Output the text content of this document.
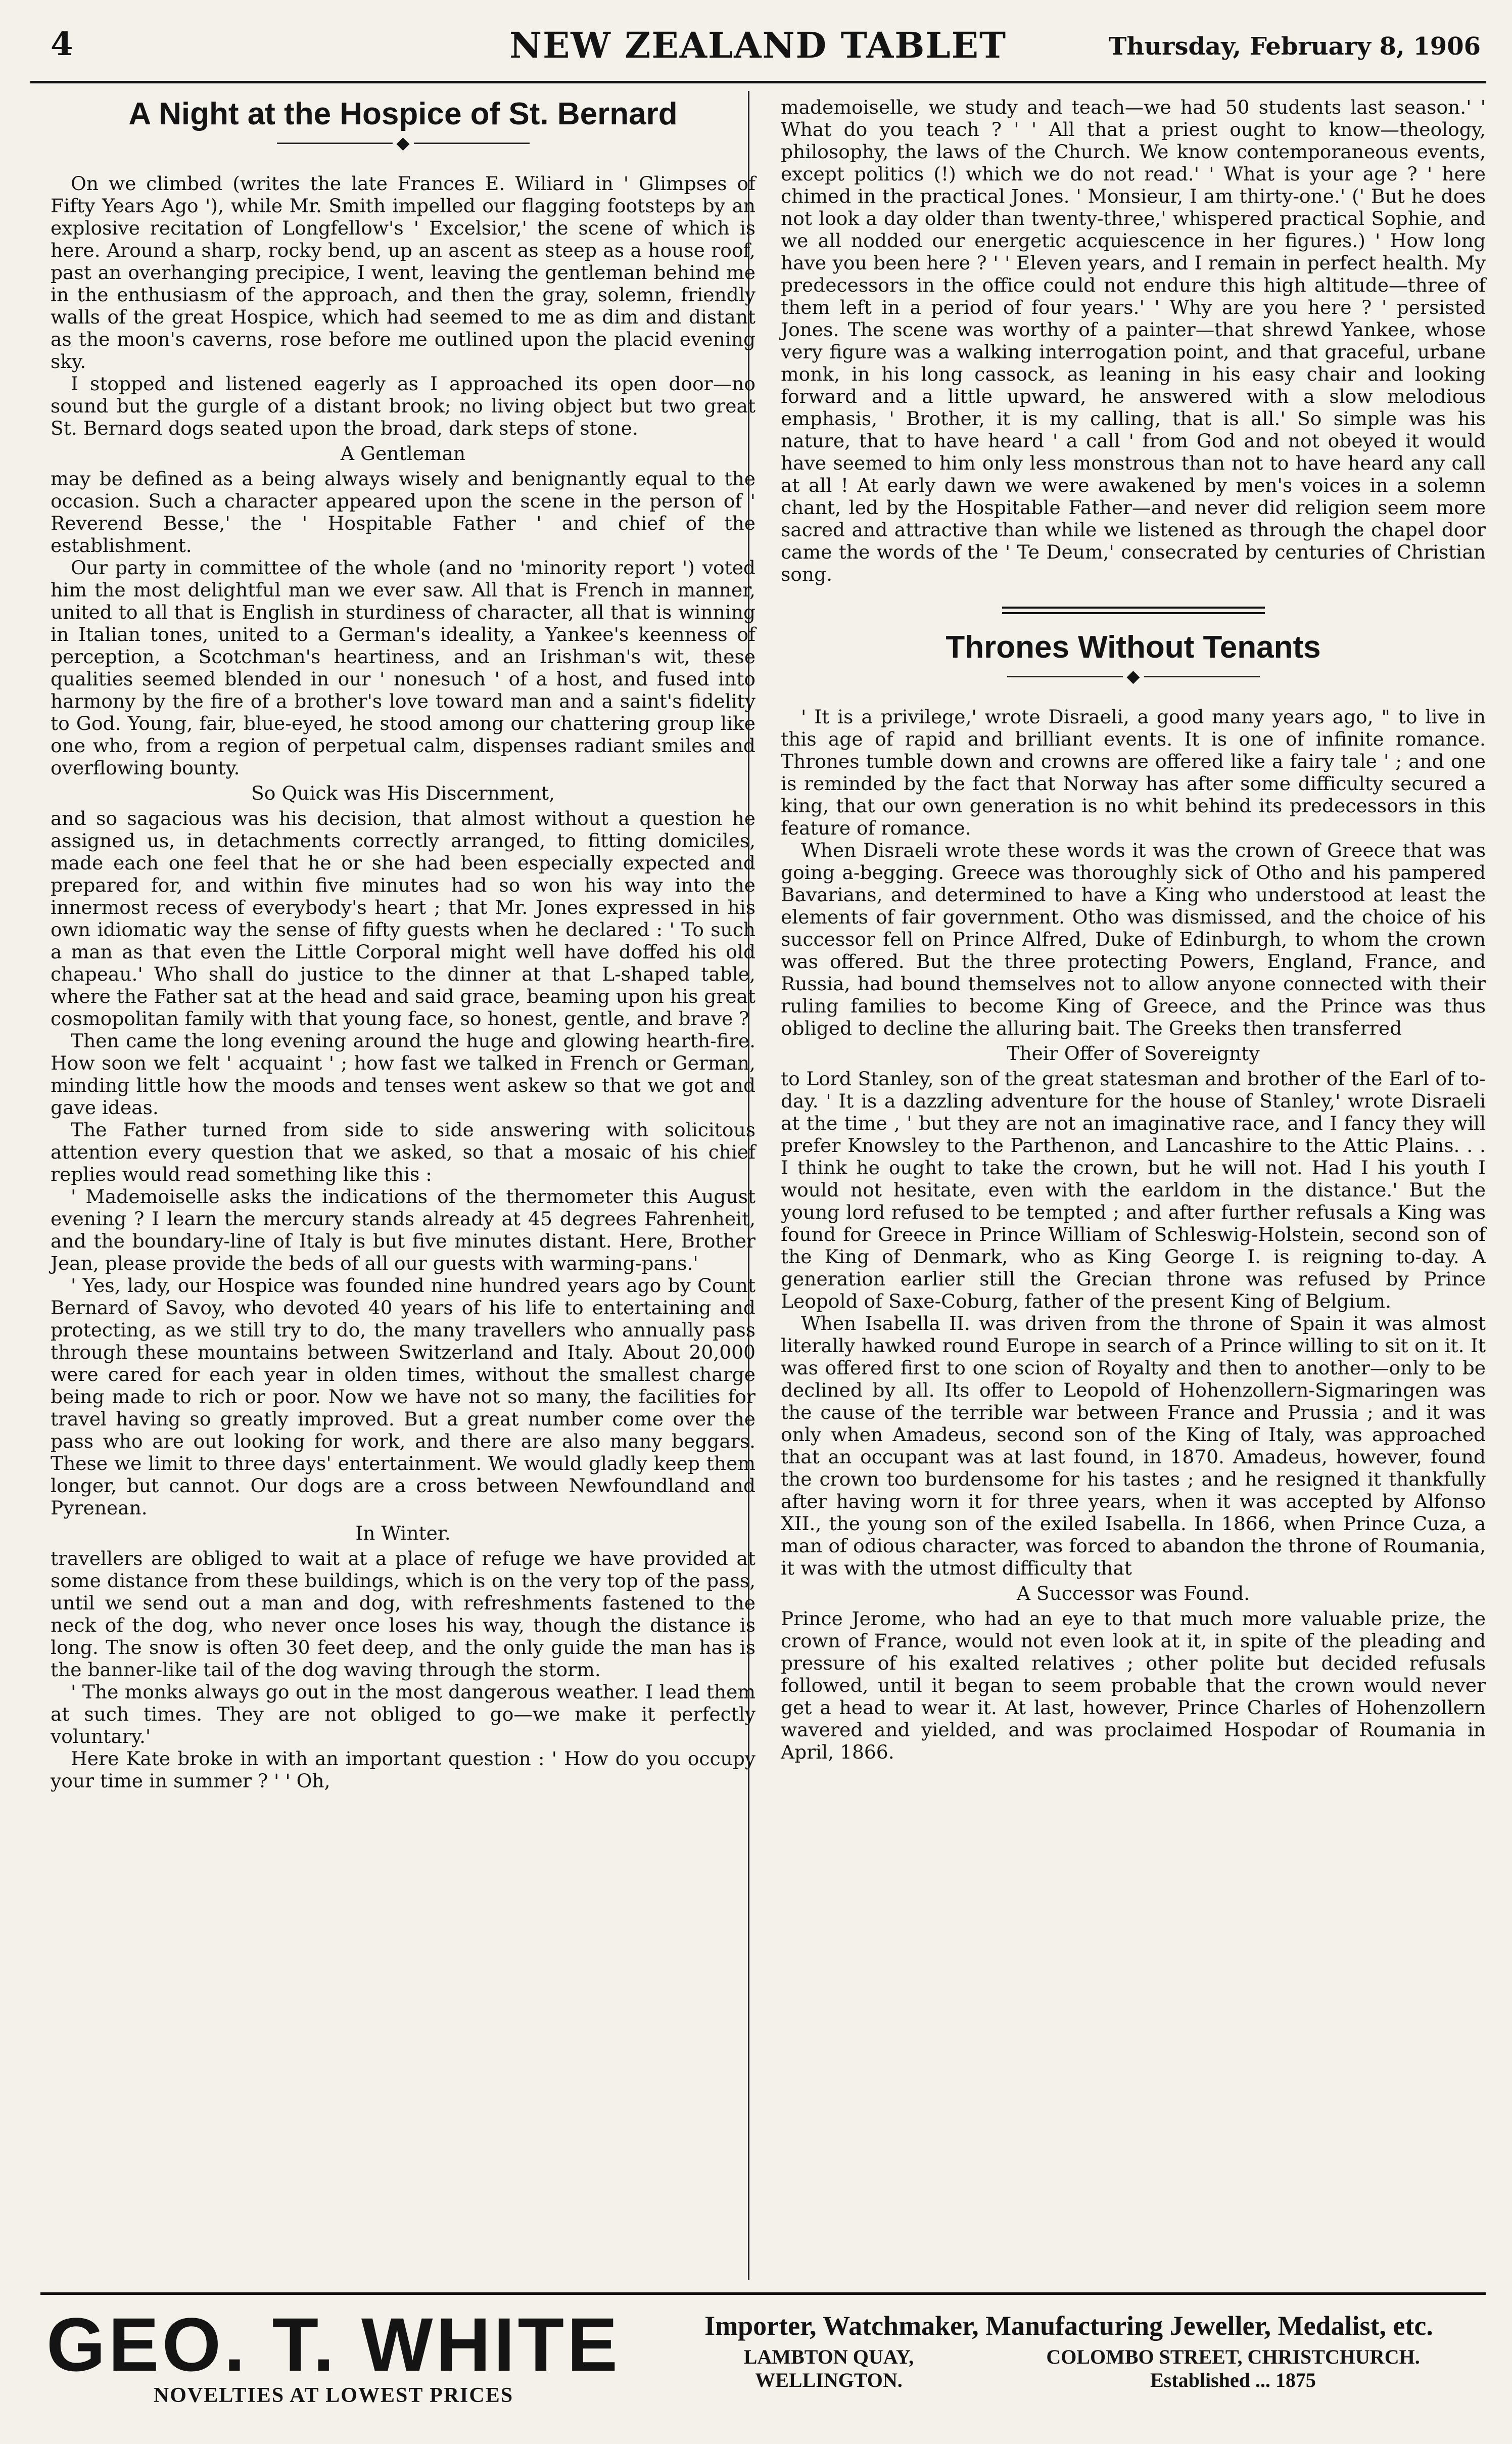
4	NEW ZEALAND TABLET	Thursday, February 8, 1906
A Night at the Hospice of St. Bernard
◆

On we climbed (writes the late Frances E. Wiliard in ' Glimpses of Fifty Years Ago '), while Mr. Smith impelled our flagging footsteps by an explosive recitation of Longfellow's ' Excelsior,' the scene of which is here. Around a sharp, rocky bend, up an ascent as steep as a house roof, past an overhanging precipice, I went, leaving the gentleman behind me in the enthusiasm of the approach, and then the gray, solemn, friendly walls of the great Hospice, which had seemed to me as dim and distant as the moon's caverns, rose before me outlined upon the placid evening sky.

I stopped and listened eagerly as I approached its open door—no sound but the gurgle of a distant brook; no living object but two great St. Bernard dogs seated upon the broad, dark steps of stone.

A Gentleman

may be defined as a being always wisely and benignantly equal to the occasion. Such a character appeared upon the scene in the person of ' Reverend Besse,' the ' Hospitable Father ' and chief of the establishment.

Our party in committee of the whole (and no 'minority report ') voted him the most delightful man we ever saw. All that is French in manner, united to all that is English in sturdiness of character, all that is winning in Italian tones, united to a German's ideality, a Yankee's keenness of perception, a Scotchman's heartiness, and an Irishman's wit, these qualities seemed blended in our ' nonesuch ' of a host, and fused into harmony by the fire of a brother's love toward man and a saint's fidelity to God. Young, fair, blue-eyed, he stood among our chattering group like one who, from a region of perpetual calm, dispenses radiant smiles and overflowing bounty.

So Quick was His Discernment,

and so sagacious was his decision, that almost without a question he assigned us, in detachments correctly arranged, to fitting domiciles, made each one feel that he or she had been especially expected and prepared for, and within five minutes had so won his way into the innermost recess of everybody's heart ; that Mr. Jones expressed in his own idiomatic way the sense of fifty guests when he declared : ' To such a man as that even the Little Corporal might well have doffed his old chapeau.' Who shall do justice to the dinner at that L-shaped table, where the Father sat at the head and said grace, beaming upon his great cosmopolitan family with that young face, so honest, gentle, and brave ?

Then came the long evening around the huge and glowing hearth-fire. How soon we felt ' acquaint ' ; how fast we talked in French or German, minding little how the moods and tenses went askew so that we got and gave ideas.

The Father turned from side to side answering with solicitous attention every question that we asked, so that a mosaic of his chief replies would read something like this :

' Mademoiselle asks the indications of the thermometer this August evening ? I learn the mercury stands already at 45 degrees Fahrenheit, and the boundary-line of Italy is but five minutes distant. Here, Brother Jean, please provide the beds of all our guests with warming-pans.'

' Yes, lady, our Hospice was founded nine hundred years ago by Count Bernard of Savoy, who devoted 40 years of his life to entertaining and protecting, as we still try to do, the many travellers who annually pass through these mountains between Switzerland and Italy. About 20,000 were cared for each year in olden times, without the smallest charge being made to rich or poor. Now we have not so many, the facilities for travel having so greatly improved. But a great number come over the pass who are out looking for work, and there are also many beggars. These we limit to three days' entertainment. We would gladly keep them longer, but cannot. Our dogs are a cross between Newfoundland and Pyrenean.

In Winter.

travellers are obliged to wait at a place of refuge we have provided at some distance from these buildings, which is on the very top of the pass, until we send out a man and dog, with refreshments fastened to the neck of the dog, who never once loses his way, though the distance is long. The snow is often 30 feet deep, and the only guide the man has is the banner-like tail of the dog waving through the storm.

' The monks always go out in the most dangerous weather. I lead them at such times. They are not obliged to go—we make it perfectly voluntary.'

Here Kate broke in with an important question : ' How do you occupy your time in summer ? ' ' Oh,

mademoiselle, we study and teach—we had 50 students last season.' ' What do you teach ? ' ' All that a priest ought to know—theology, philosophy, the laws of the Church. We know contemporaneous events, except politics (!) which we do not read.' ' What is your age ? ' here chimed in the practical Jones. ' Monsieur, I am thirty-one.' (' But he does not look a day older than twenty-three,' whispered practical Sophie, and we all nodded our energetic acquiescence in her figures.) ' How long have you been here ? ' ' Eleven years, and I remain in perfect health. My predecessors in the office could not endure this high altitude—three of them left in a period of four years.' ' Why are you here ? ' persisted Jones. The scene was worthy of a painter—that shrewd Yankee, whose very figure was a walking interrogation point, and that graceful, urbane monk, in his long cassock, as leaning in his easy chair and looking forward and a little upward, he answered with a slow melodious emphasis, ' Brother, it is my calling, that is all.' So simple was his nature, that to have heard ' a call ' from God and not obeyed it would have seemed to him only less monstrous than not to have heard any call at all ! At early dawn we were awakened by men's voices in a solemn chant, led by the Hospitable Father—and never did religion seem more sacred and attractive than while we listened as through the chapel door came the words of the ' Te Deum,' consecrated by centuries of Christian song.

Thrones Without Tenants
◆

' It is a privilege,' wrote Disraeli, a good many years ago, " to live in this age of rapid and brilliant events. It is one of infinite romance. Thrones tumble down and crowns are offered like a fairy tale ' ; and one is reminded by the fact that Norway has after some difficulty secured a king, that our own generation is no whit behind its predecessors in this feature of romance.

When Disraeli wrote these words it was the crown of Greece that was going a-begging. Greece was thoroughly sick of Otho and his pampered Bavarians, and determined to have a King who understood at least the elements of fair government. Otho was dismissed, and the choice of his successor fell on Prince Alfred, Duke of Edinburgh, to whom the crown was offered. But the three protecting Powers, England, France, and Russia, had bound themselves not to allow anyone connected with their ruling families to become King of Greece, and the Prince was thus obliged to decline the alluring bait. The Greeks then transferred

Their Offer of Sovereignty

to Lord Stanley, son of the great statesman and brother of the Earl of to-day. ' It is a dazzling adventure for the house of Stanley,' wrote Disraeli at the time , ' but they are not an imaginative race, and I fancy they will prefer Knowsley to the Parthenon, and Lancashire to the Attic Plains. . . I think he ought to take the crown, but he will not. Had I his youth I would not hesitate, even with the earldom in the distance.' But the young lord refused to be tempted ; and after further refusals a King was found for Greece in Prince William of Schleswig-Holstein, second son of the King of Denmark, who as King George I. is reigning to-day. A generation earlier still the Grecian throne was refused by Prince Leopold of Saxe-Coburg, father of the present King of Belgium.

When Isabella II. was driven from the throne of Spain it was almost literally hawked round Europe in search of a Prince willing to sit on it. It was offered first to one scion of Royalty and then to another—only to be declined by all. Its offer to Leopold of Hohenzollern-Sigmaringen was the cause of the terrible war between France and Prussia ; and it was only when Amadeus, second son of the King of Italy, was approached that an occupant was at last found, in 1870. Amadeus, however, found the crown too burdensome for his tastes ; and he resigned it thankfully after having worn it for three years, when it was accepted by Alfonso XII., the young son of the exiled Isabella. In 1866, when Prince Cuza, a man of odious character, was forced to abandon the throne of Roumania, it was with the utmost difficulty that

A Successor was Found.

Prince Jerome, who had an eye to that much more valuable prize, the crown of France, would not even look at it, in spite of the pleading and pressure of his exalted relatives ; other polite but decided refusals followed, until it began to seem probable that the crown would never get a head to wear it. At last, however, Prince Charles of Hohenzollern wavered and yielded, and was proclaimed Hospodar of Roumania in April, 1866.

GEO. T. WHITE
NOVELTIES AT LOWEST PRICES
Importer, Watchmaker, Manufacturing Jeweller, Medalist, etc.
LAMBTON QUAY,
WELLINGTON.
COLOMBO STREET, CHRISTCHURCH.
Established ... 1875
